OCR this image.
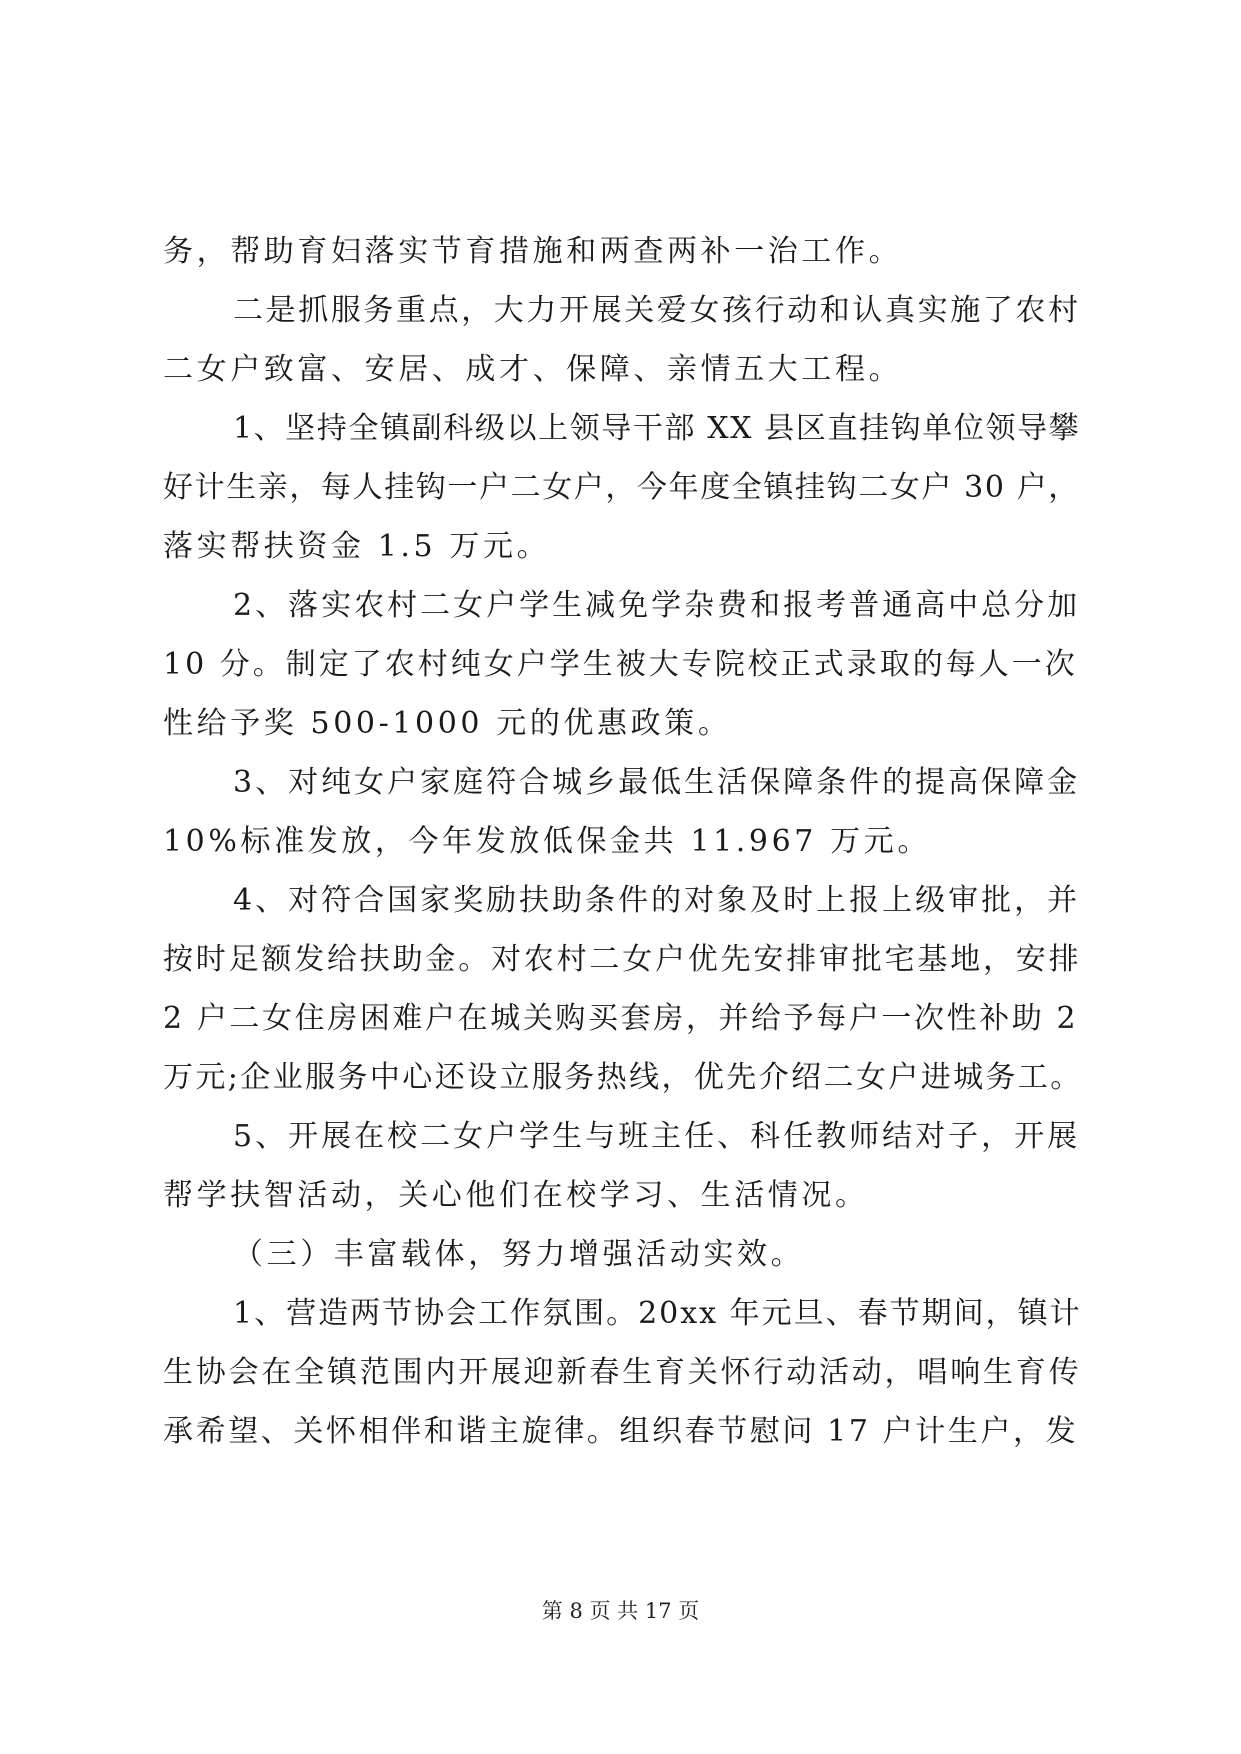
务，帮助育妇落实节育措施和两查两补一治工作。
二是抓服务重点，大力开展关爱女孩行动和认真实施了农村
二女户致富、安居、成才、保障、亲情五大工程。
1、坚持全镇副科级以上领导干部 XX 县区直挂钩单位领导攀
好计生亲，每人挂钩一户二女户，今年度全镇挂钩二女户 30 户，
落实帮扶资金 1.5 万元。
2、落实农村二女户学生减免学杂费和报考普通高中总分加
10 分。制定了农村纯女户学生被大专院校正式录取的每人一次
性给予奖 500-1000 元的优惠政策。
3、对纯女户家庭符合城乡最低生活保障条件的提高保障金
10%标准发放，今年发放低保金共 11.967 万元。
4、对符合国家奖励扶助条件的对象及时上报上级审批，并
按时足额发给扶助金。对农村二女户优先安排审批宅基地，安排
2 户二女住房困难户在城关购买套房，并给予每户一次性补助 2
万元;企业服务中心还设立服务热线，优先介绍二女户进城务工。
5、开展在校二女户学生与班主任、科任教师结对子，开展
帮学扶智活动，关心他们在校学习、生活情况。
（三）丰富载体，努力增强活动实效。
1、营造两节协会工作氛围。20xx 年元旦、春节期间，镇计
生协会在全镇范围内开展迎新春生育关怀行动活动，唱响生育传
承希望、关怀相伴和谐主旋律。组织春节慰问 17 户计生户，发
第 8 页 共 17 页
